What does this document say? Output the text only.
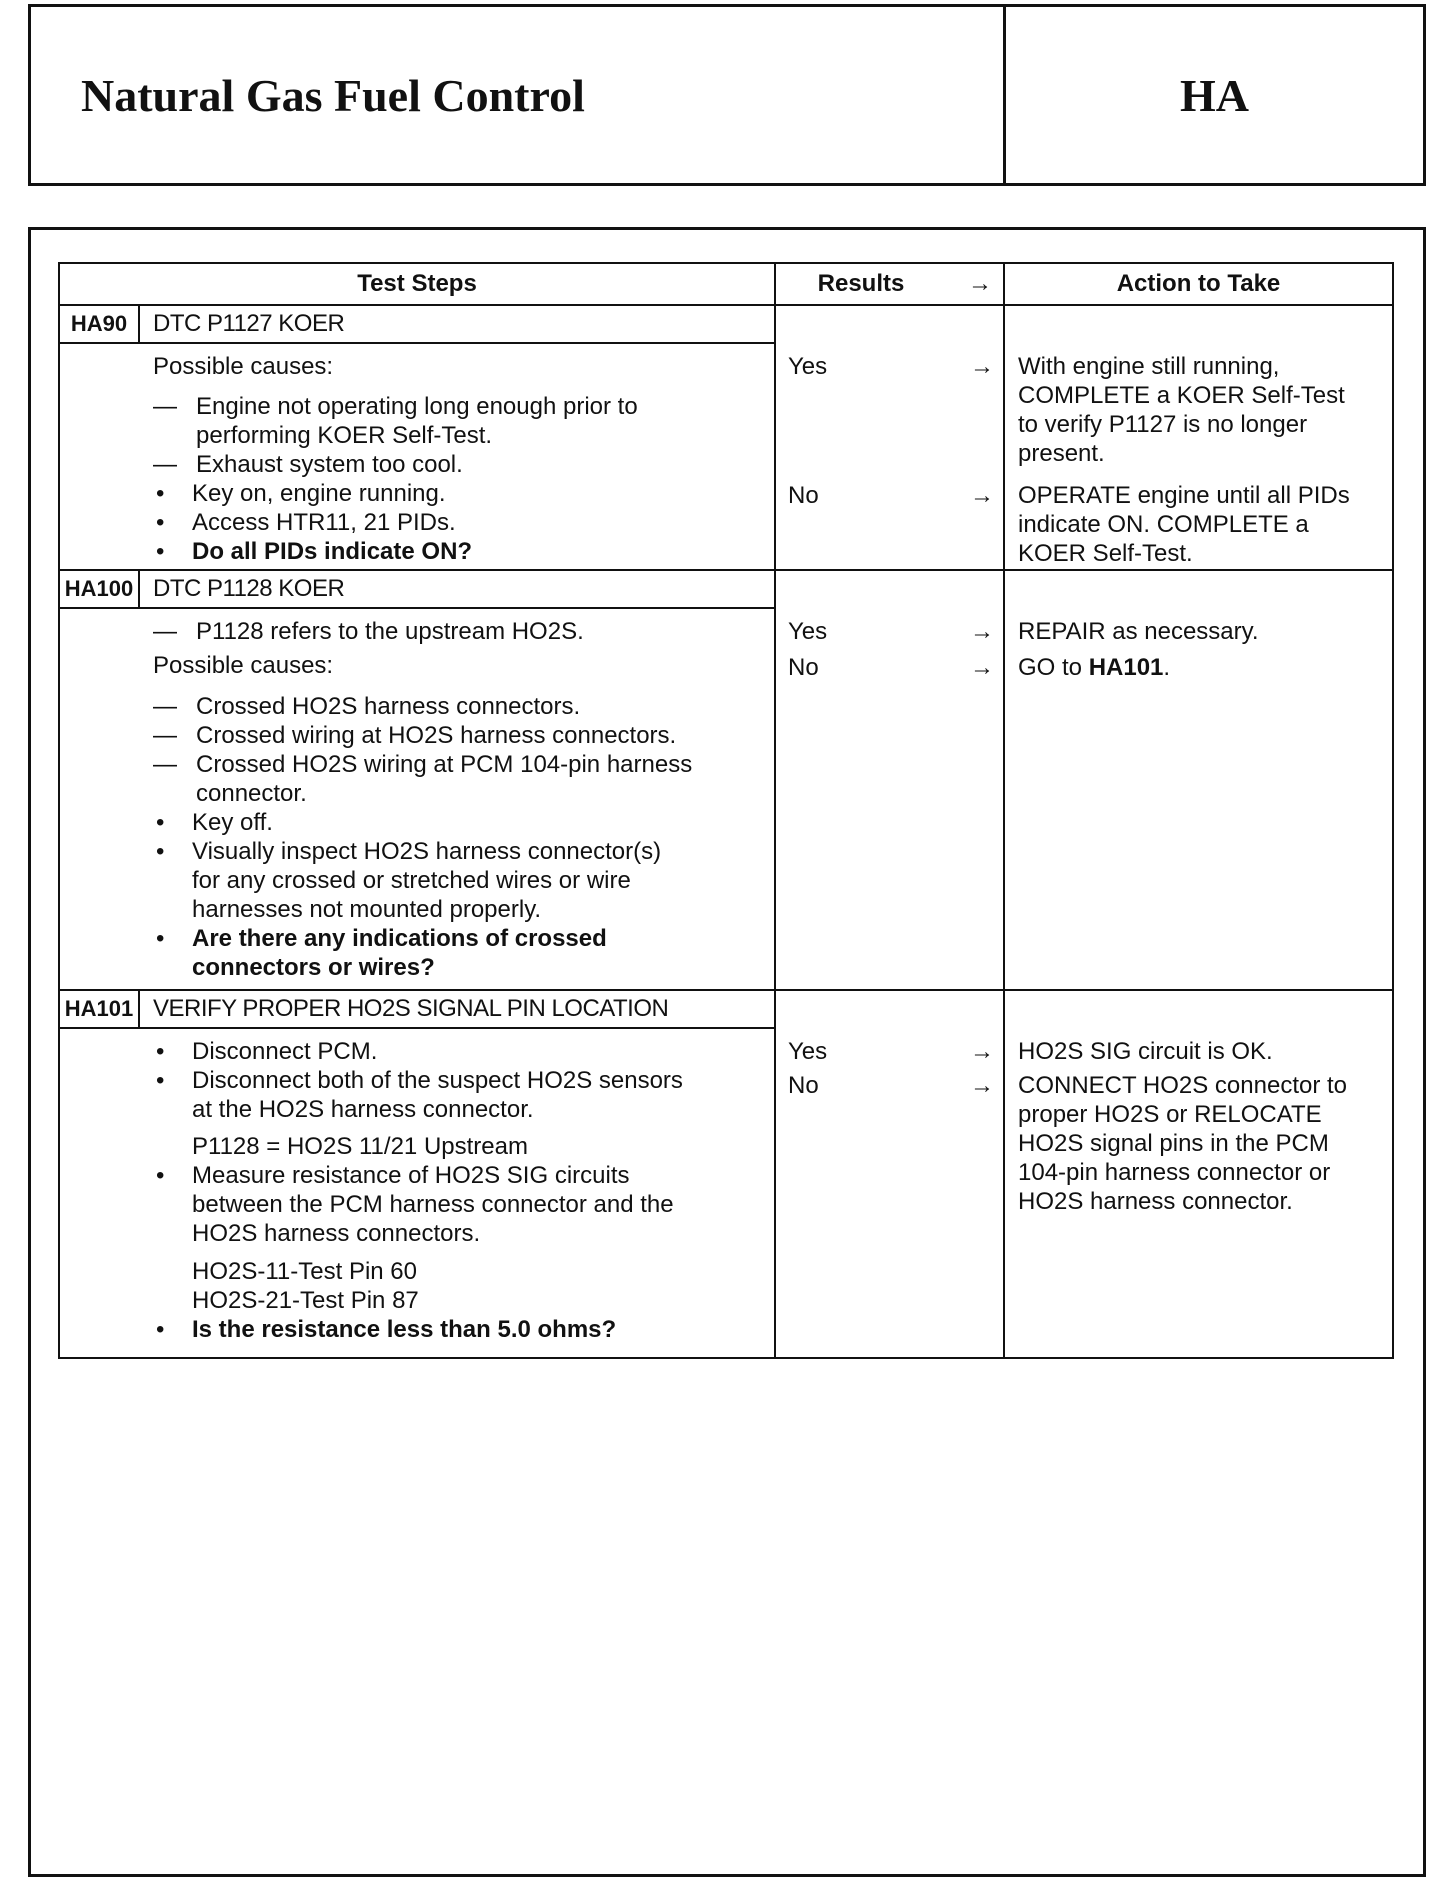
Natural Gas Fuel Control	HA
Test Steps	Results	→	Action to Take
HA90	DTC P1127 KOER
Possible causes:
— Engine not operating long enough prior to
performing KOER Self-Test.
— Exhaust system too cool.
• Key on, engine running.
• Access HTR11, 21 PIDs.
• Do all PIDs indicate ON?
Yes	→ With engine still running,
COMPLETE a KOER Self-Test
to verify P1127 is no longer
present.
No	→ OPERATE engine until all PIDs
indicate ON. COMPLETE a
KOER Self-Test.
HA100 DTC P1128 KOER
— P1128 refers to the upstream HO2S.
Possible causes:
— Crossed HO2S harness connectors.
— Crossed wiring at HO2S harness connectors.
— Crossed HO2S wiring at PCM 104-pin harness
connector.
• Key off.
• Visually inspect HO2S harness connector(s)
for any crossed or stretched wires or wire
harnesses not mounted properly.
• Are there any indications of crossed
connectors or wires?
Yes	→ REPAIR as necessary.
No	→ GO to HA101.
HA101 VERIFY PROPER HO2S SIGNAL PIN LOCATION
• Disconnect PCM.
• Disconnect both of the suspect HO2S sensors
at the HO2S harness connector.
P1128 = HO2S 11/21 Upstream
• Measure resistance of HO2S SIG circuits
between the PCM harness connector and the
HO2S harness connectors.
HO2S-11-Test Pin 60
HO2S-21-Test Pin 87
• Is the resistance less than 5.0 ohms?
Yes	→ HO2S SIG circuit is OK.
No	→ CONNECT HO2S connector to
proper HO2S or RELOCATE
HO2S signal pins in the PCM
104-pin harness connector or
HO2S harness connector.
